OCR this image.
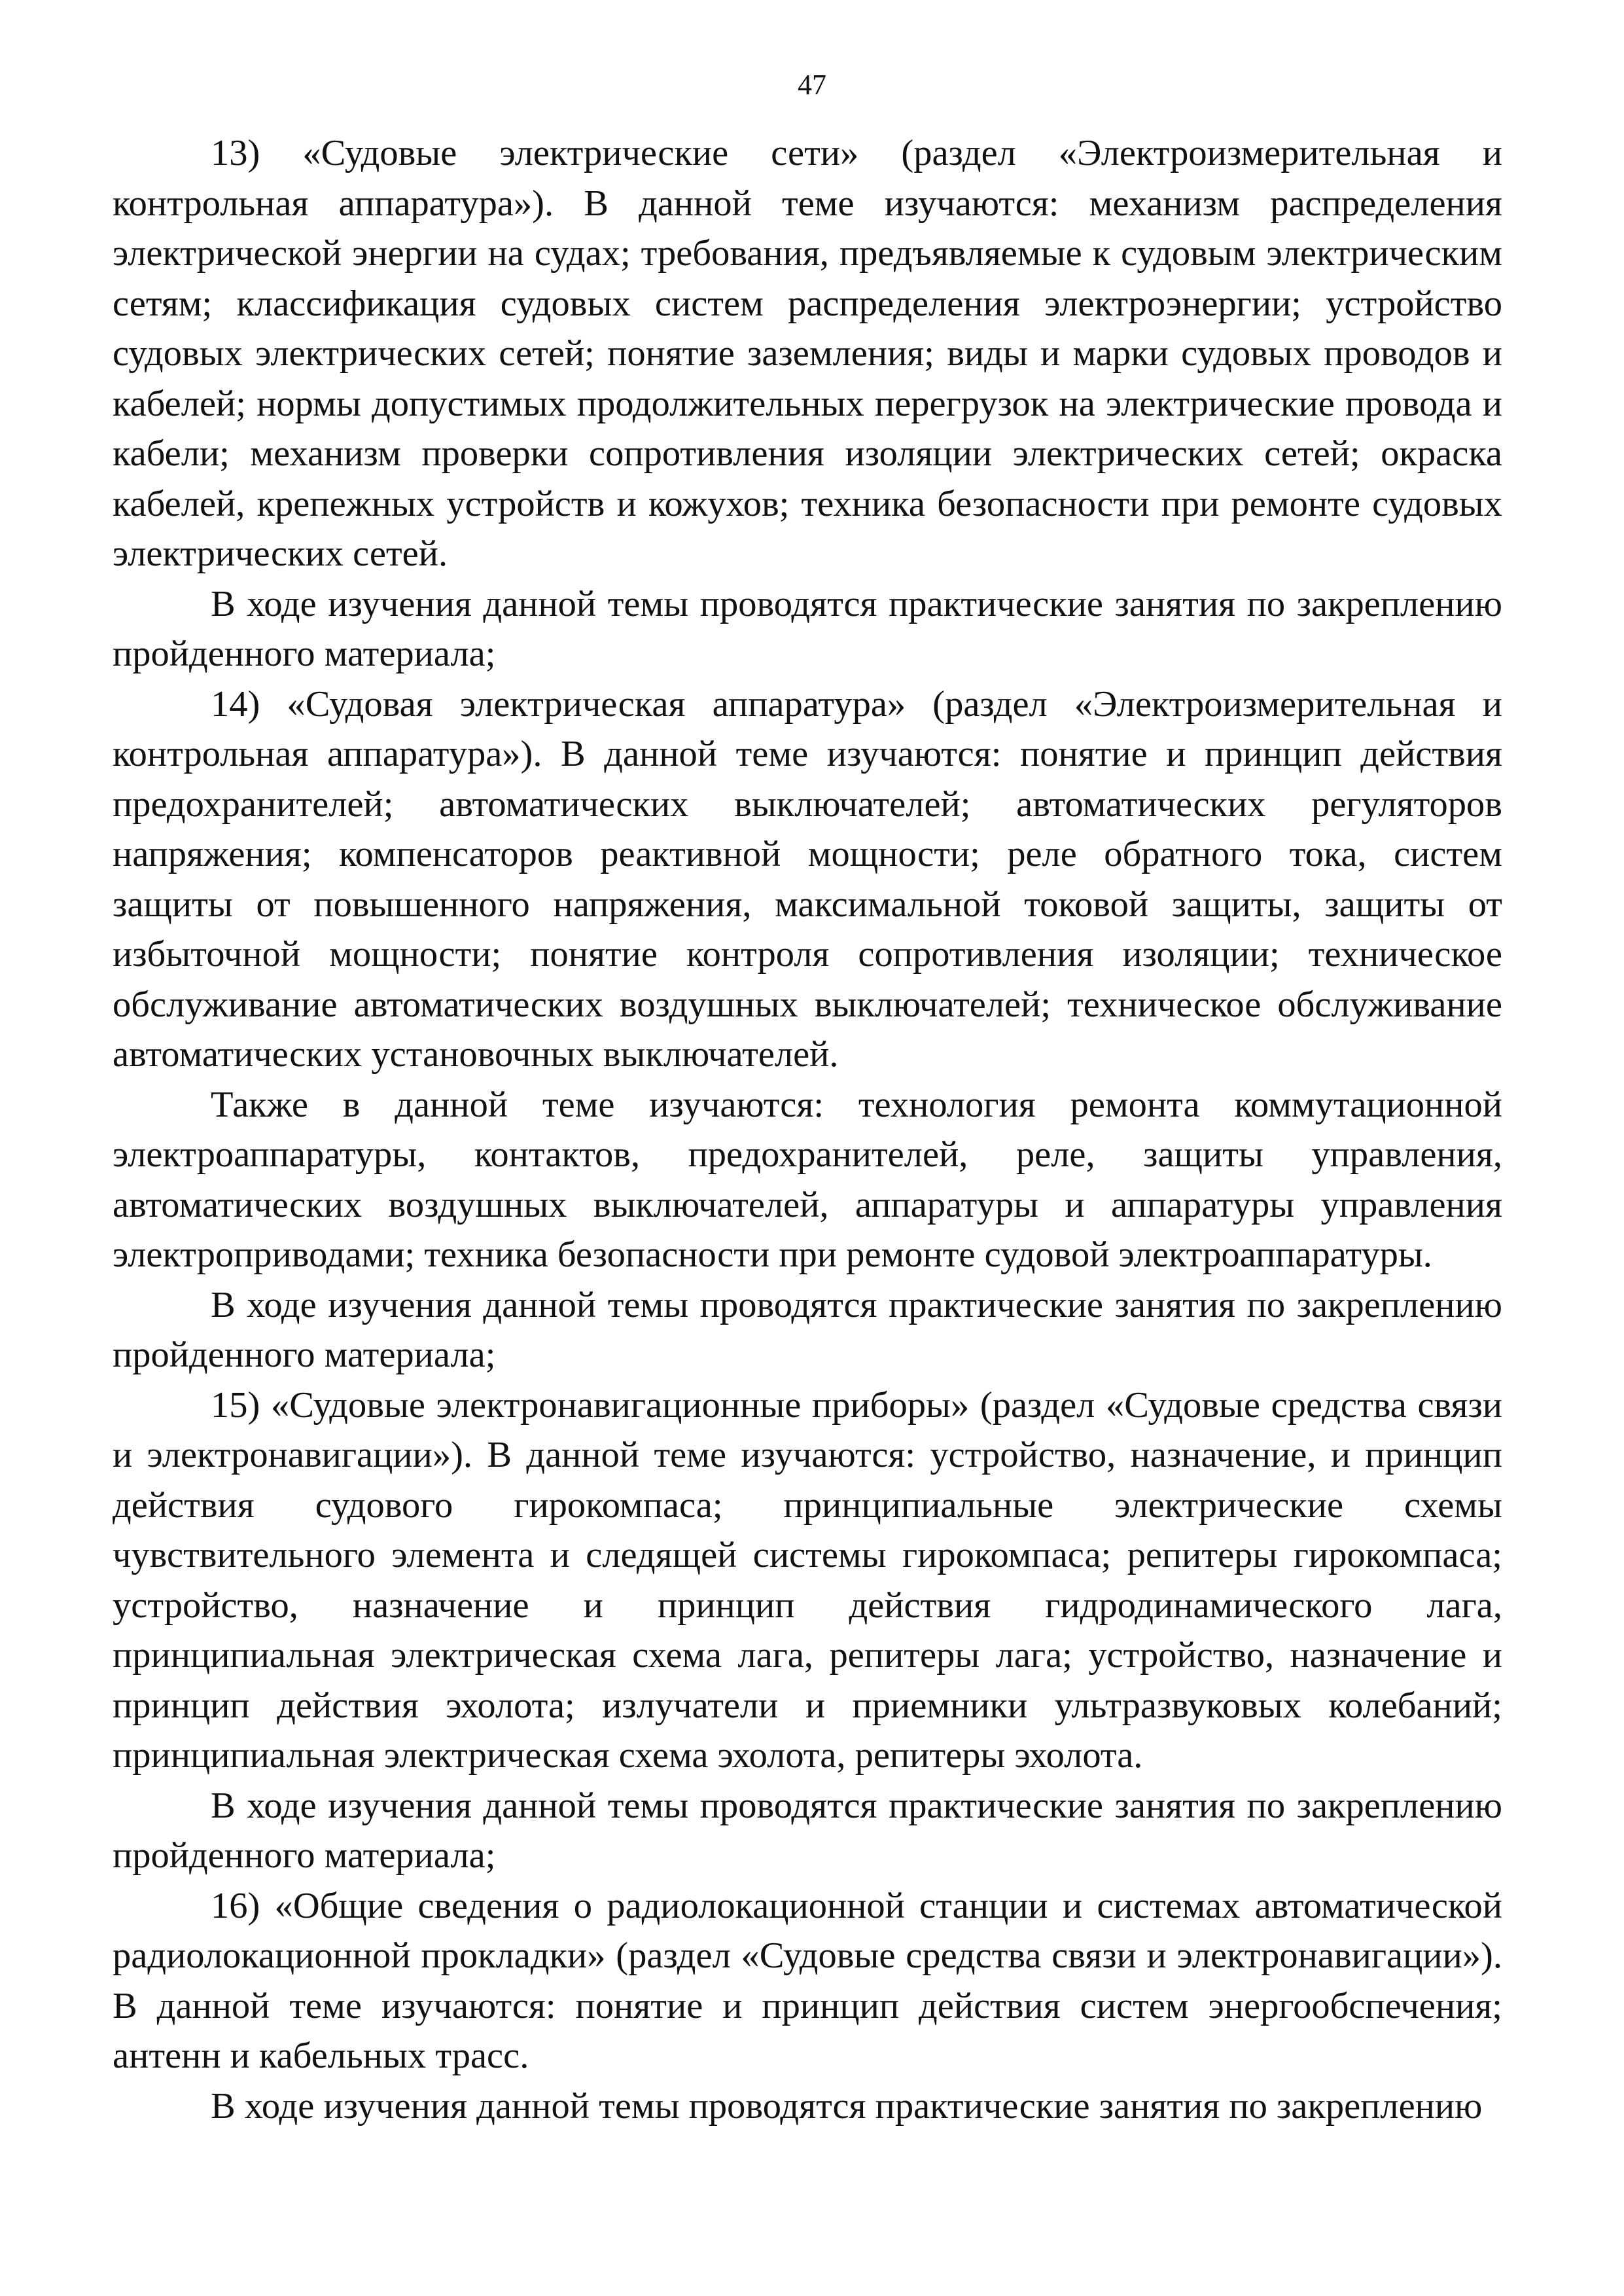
47

13) «Судовые электрические сети» (раздел «Электроизмерительная и контрольная аппаратура»). В данной теме изучаются: механизм распределения электрической энергии на судах; требования, предъявляемые к судовым электрическим сетям; классификация судовых систем распределения электроэнергии; устройство судовых электрических сетей; понятие заземления; виды и марки судовых проводов и кабелей; нормы допустимых продолжительных перегрузок на электрические провода и кабели; механизм проверки сопротивления изоляции электрических сетей; окраска кабелей, крепежных устройств и кожухов; техника безопасности при ремонте судовых электрических сетей.

В ходе изучения данной темы проводятся практические занятия по закреплению пройденного материала;

14) «Судовая электрическая аппаратура» (раздел «Электроизмерительная и контрольная аппаратура»). В данной теме изучаются: понятие и принцип действия предохранителей; автоматических выключателей; автоматических регуляторов напряжения; компенсаторов реактивной мощности; реле обратного тока, систем защиты от повышенного напряжения, максимальной токовой защиты, защиты от избыточной мощности; понятие контроля сопротивления изоляции; техническое обслуживание автоматических воздушных выключателей; техническое обслуживание автоматических установочных выключателей.

Также в данной теме изучаются: технология ремонта коммутационной электроаппаратуры, контактов, предохранителей, реле, защиты управления, автоматических воздушных выключателей, аппаратуры и аппаратуры управления электроприводами; техника безопасности при ремонте судовой электроаппаратуры.

В ходе изучения данной темы проводятся практические занятия по закреплению пройденного материала;

15) «Судовые электронавигационные приборы» (раздел «Судовые средства связи и электронавигации»). В данной теме изучаются: устройство, назначение, и принцип действия судового гирокомпаса; принципиальные электрические схемы чувствительного элемента и следящей системы гирокомпаса; репитеры гирокомпаса; устройство, назначение и принцип действия гидродинамического лага, принципиальная электрическая схема лага, репитеры лага; устройство, назначение и принцип действия эхолота; излучатели и приемники ультразвуковых колебаний; принципиальная электрическая схема эхолота, репитеры эхолота.

В ходе изучения данной темы проводятся практические занятия по закреплению пройденного материала;

16) «Общие сведения о радиолокационной станции и системах автоматической радиолокационной прокладки» (раздел «Судовые средства связи и электронавигации»). В данной теме изучаются: понятие и принцип действия систем энергообспечения; антенн и кабельных трасс.

В ходе изучения данной темы проводятся практические занятия по закреплению
